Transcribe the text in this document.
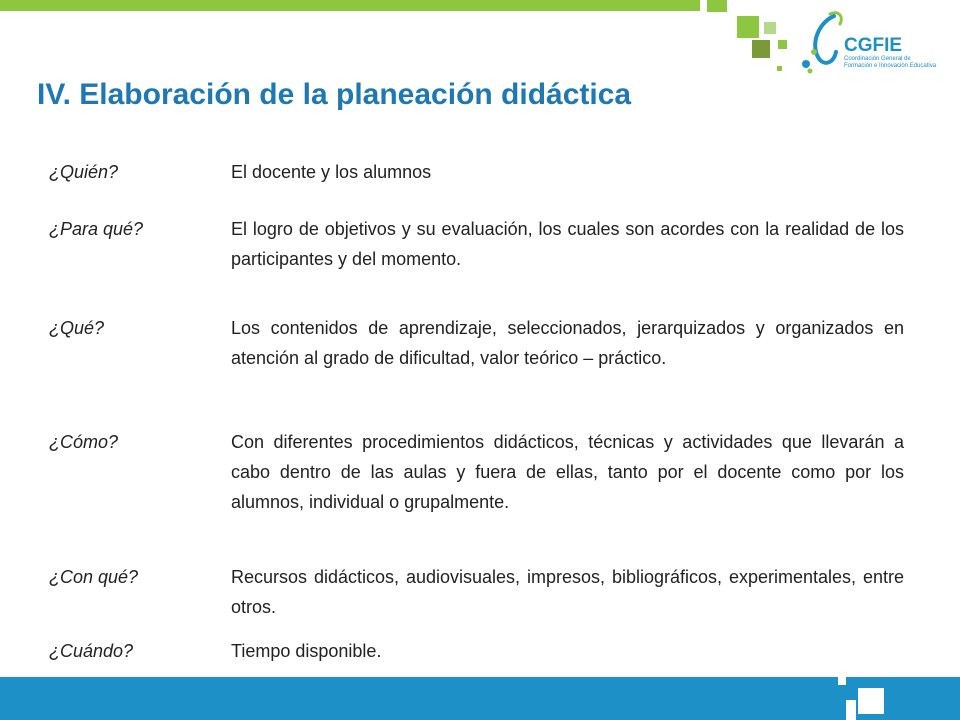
CGFIE
Coordinación General de
Formación e Innovación Educativa
IV. Elaboración de la planeación didáctica
¿Quién?	El docente y los alumnos
¿Para qué?	El logro de objetivos y su evaluación, los cuales son acordes con la realidad de los participantes y del momento.
¿Qué?	Los contenidos de aprendizaje, seleccionados, jerarquizados y organizados en atención al grado de dificultad, valor teórico – práctico.
¿Cómo?	Con diferentes procedimientos didácticos, técnicas y actividades que llevarán a cabo dentro de las aulas y fuera de ellas, tanto por el docente como por los alumnos, individual o grupalmente.
¿Con qué?	Recursos didácticos, audiovisuales, impresos, bibliográficos, experimentales, entre otros.
¿Cuándo?	Tiempo disponible.
